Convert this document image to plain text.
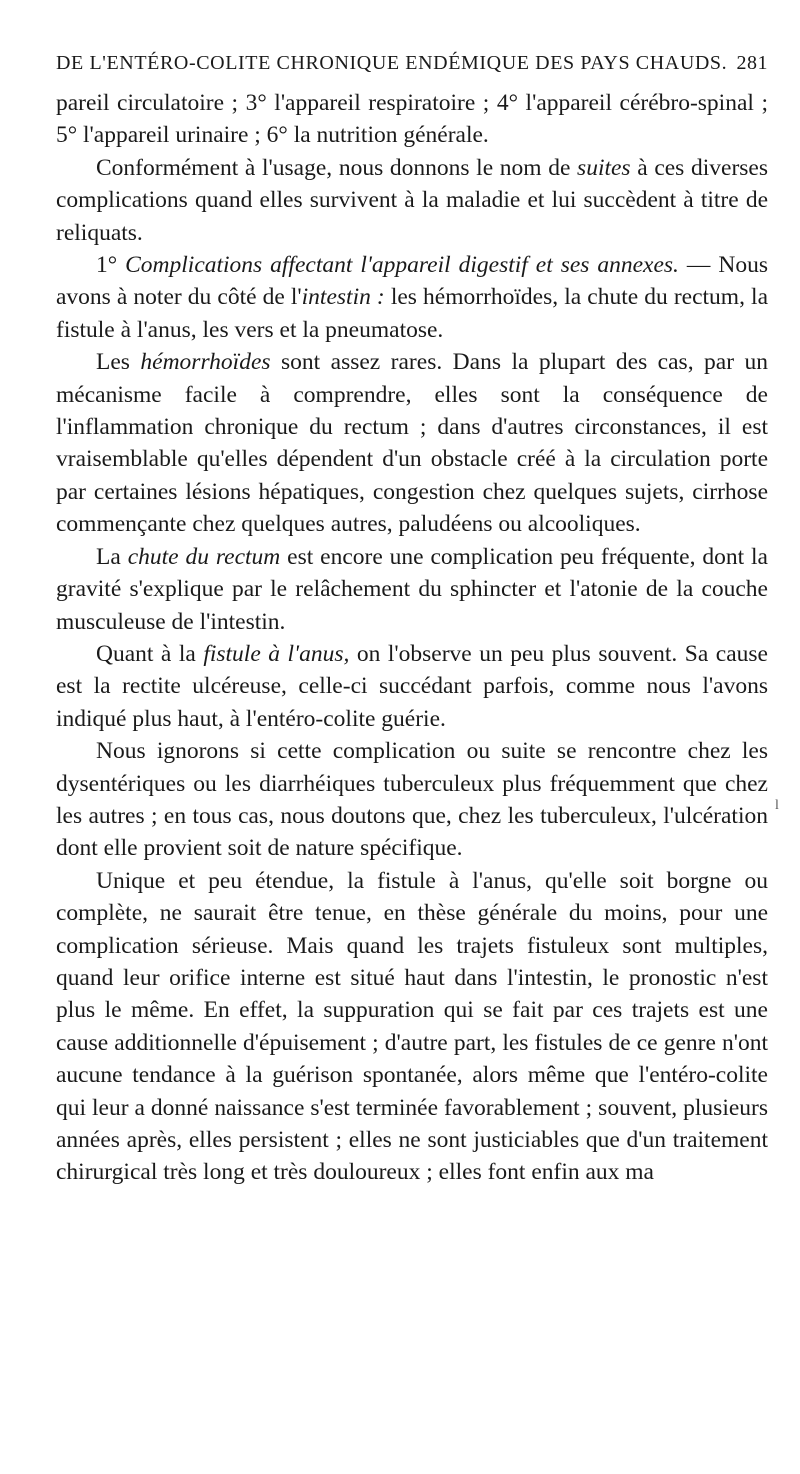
DE L'ENTÉRO-COLITE CHRONIQUE ENDÉMIQUE DES PAYS CHAUDS. 281

pareil circulatoire ; 3° l'appareil respiratoire ; 4° l'appareil cérébro-spinal ; 5° l'appareil urinaire ; 6° la nutrition générale.

Conformément à l'usage, nous donnons le nom de suites à ces diverses complications quand elles survivent à la maladie et lui succèdent à titre de reliquats.

1° Complications affectant l'appareil digestif et ses annexes. — Nous avons à noter du côté de l'intestin : les hémorrhoïdes, la chute du rectum, la fistule à l'anus, les vers et la pneumatose.

Les hémorrhoïdes sont assez rares. Dans la plupart des cas, par un mécanisme facile à comprendre, elles sont la conséquence de l'inflammation chronique du rectum ; dans d'autres circonstances, il est vraisemblable qu'elles dépendent d'un obstacle créé à la circulation porte par certaines lésions hépatiques, congestion chez quelques sujets, cirrhose commençante chez quelques autres, paludéens ou alcooliques.

La chute du rectum est encore une complication peu fréquente, dont la gravité s'explique par le relâchement du sphincter et l'atonie de la couche musculeuse de l'intestin.

Quant à la fistule à l'anus, on l'observe un peu plus souvent. Sa cause est la rectite ulcéreuse, celle-ci succédant parfois, comme nous l'avons indiqué plus haut, à l'entéro-colite guérie.

Nous ignorons si cette complication ou suite se rencontre chez les dysentériques ou les diarrhéiques tuberculeux plus fréquemment que chez les autres ; en tous cas, nous doutons que, chez les tuberculeux, l'ulcération dont elle provient soit de nature spécifique.

Unique et peu étendue, la fistule à l'anus, qu'elle soit borgne ou complète, ne saurait être tenue, en thèse générale du moins, pour une complication sérieuse. Mais quand les trajets fistuleux sont multiples, quand leur orifice interne est situé haut dans l'intestin, le pronostic n'est plus le même. En effet, la suppuration qui se fait par ces trajets est une cause additionnelle d'épuisement ; d'autre part, les fistules de ce genre n'ont aucune tendance à la guérison spontanée, alors même que l'entéro-colite qui leur a donné naissance s'est terminée favorablement ; souvent, plusieurs années après, elles persistent ; elles ne sont justiciables que d'un traitement chirurgical très long et très douloureux ; elles font enfin aux ma

l
